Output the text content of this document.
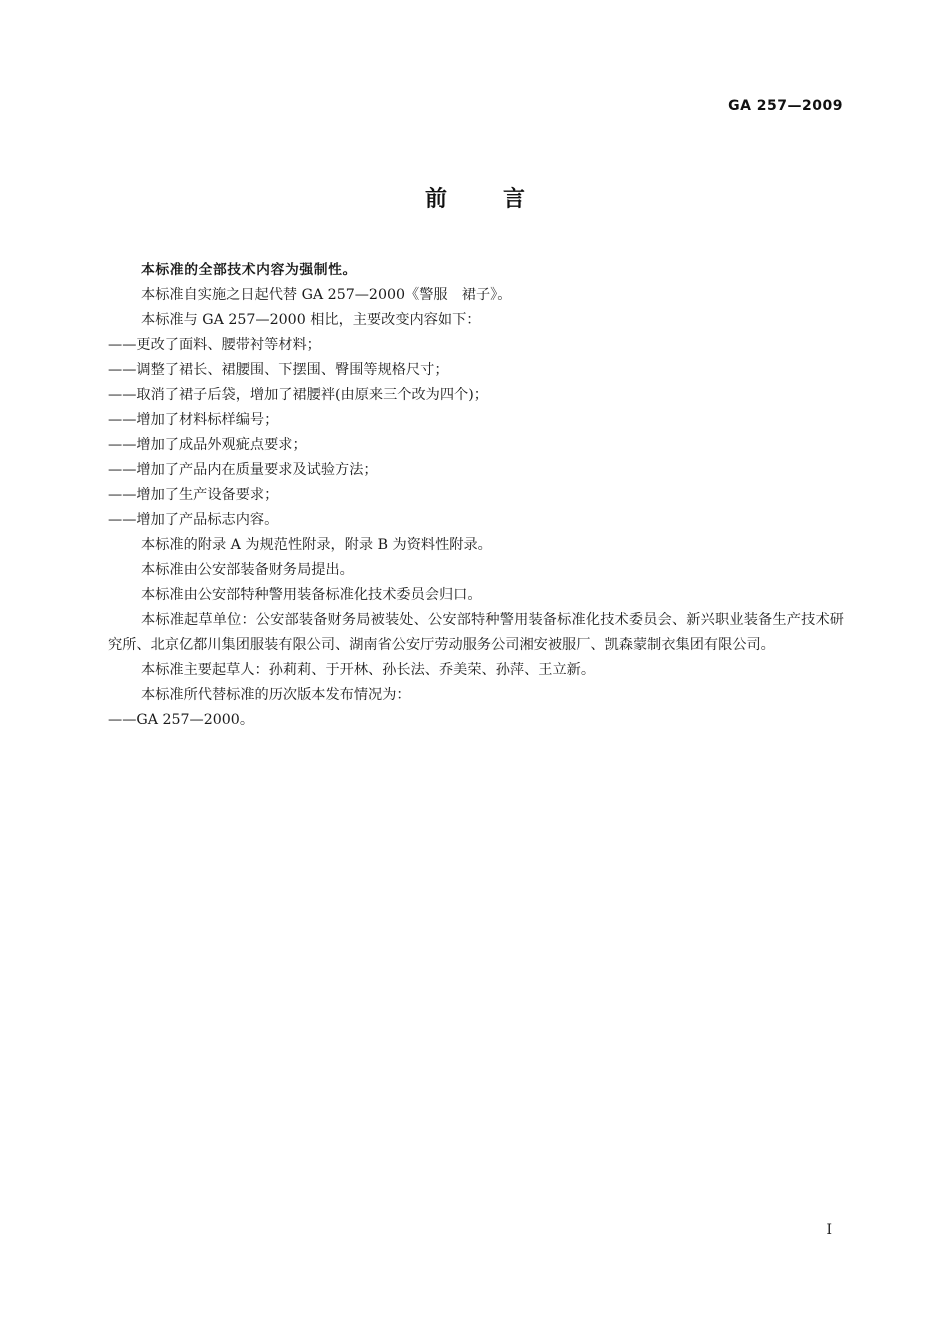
GA 257—2009
前言

本标准的全部技术内容为强制性。

本标准自实施之日起代替 GA 257—2000《警服　裙子》。

本标准与 GA 257—2000 相比，主要改变内容如下：

——更改了面料、腰带衬等材料；

——调整了裙长、裙腰围、下摆围、臀围等规格尺寸；

——取消了裙子后袋，增加了裙腰袢(由原来三个改为四个)；

——增加了材料标样编号；

——增加了成品外观疵点要求；

——增加了产品内在质量要求及试验方法；

——增加了生产设备要求；

——增加了产品标志内容。

本标准的附录 A 为规范性附录，附录 B 为资料性附录。

本标准由公安部装备财务局提出。

本标准由公安部特种警用装备标准化技术委员会归口。

本标准起草单位：公安部装备财务局被装处、公安部特种警用装备标准化技术委员会、新兴职业装备生产技术研究所、北京亿都川集团服装有限公司、湖南省公安厅劳动服务公司湘安被服厂、凯森蒙制衣集团有限公司。

本标准主要起草人：孙莉莉、于开林、孙长法、乔美荣、孙萍、王立新。

本标准所代替标准的历次版本发布情况为：

——GA 257—2000。

I
